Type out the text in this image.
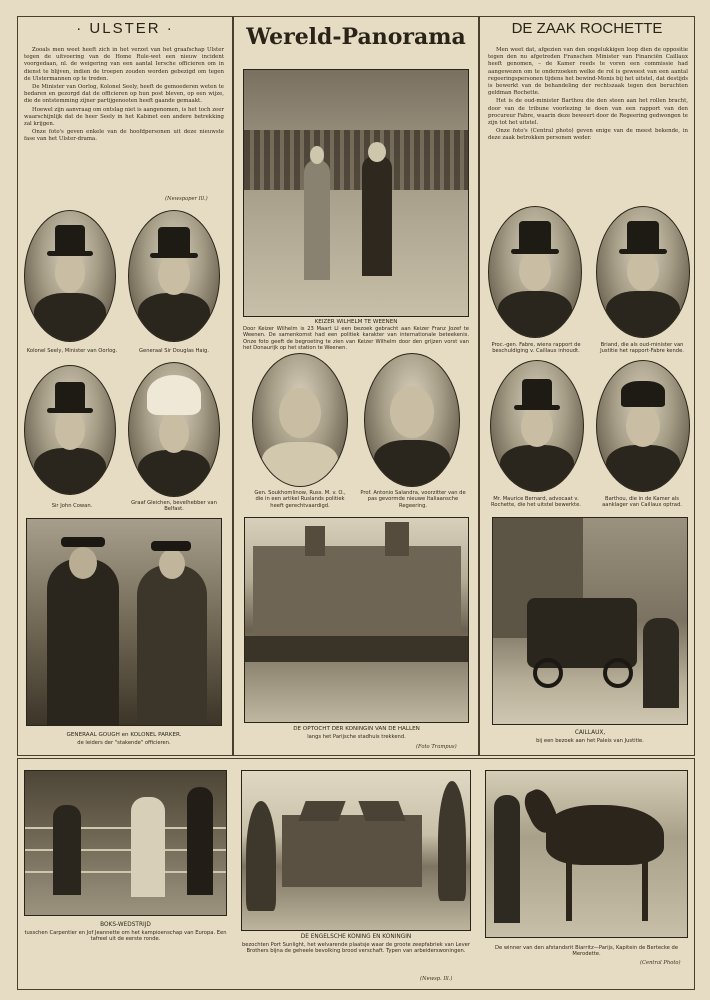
· ULSTER ·

Zooals men weet heeft zich in het verzet van het graafschap Ulster tegen de uitvoering van de Home Rule-wet een nieuw incident voorgedaan, nl. de weigering van een aantal Iersche officieren om in dienst te blijven, indien de troepen zouden worden gebezigd om tegen de Ulstermannen op te treden.

De Minister van Oorlog, Kolonel Seely, heeft de gemoederen weten te bedaren en gezorgd dat de officieren op hun post bleven, op een wijze, die de ontstemming zijner partijgenooten heeft gaande gemaakt.

Hoewel zijn aanvraag om ontslag niet is aangenomen, is het toch zeer waarschijnlijk dat de heer Seely in het Kabinet een andere betrekking zal krijgen.

Onze foto's geven enkele van de hoofdpersonen uit deze nieuwste fase van het Ulster-drama.

(Newspaper Ill.)
Kolonel Seely, Minister van Oorlog.	Generaal Sir Douglas Haig.
Sir John Cowan.	Graaf Gleichen, bevelhebber van Belfast.
GENERAAL GOUGH en KOLONEL PARKER.
de leiders der "stakende" officieren.
Wereld-Panorama
KEIZER WILHELM TE WEENEN
Door Keizer Wilhelm is 23 Maart LI een bezoek gebracht aan Keizer Franz Jozef te Weenen. De samenkomst had een politiek karakter van internationale beteekenis. Onze foto geeft de begroeting te zien van Keizer Wilhelm door den grijzen vorst van het Donaurijk op het station te Weenen.
Gen. Soukhomlinow, Russ. M. v. O., die in een artikel Ruslands politiek heeft gerechtvaardigd.
Prof. Antonio Salandra, voorzitter van de pas gevormde nieuwe Italiaansche Regeering.
DE OPTOCHT DER KONINGIN VAN DE HALLEN
langs het Parijsche stadhuis trekkend.
(Foto Trampus)
DE ZAAK ROCHETTE

Men weet dat, afgezien van den ongelukkigen loop dien de oppositie tegen den nu afgetreden Franschen Minister van Financiën Caillaux heeft genomen, – de Kamer reeds te voren een commissie had aangewezen om te onderzoeken welke de rol is geweest van een aantal regeeringspersonen tijdens het bewind-Monis bij het uitstel, dat destijds is bewerkt van de behandeling der rechtszaak tegen den beruchten geldman Rochette.

Het is de oud-minister Barthou die den steen aan het rollen bracht, door van de tribune voorlezing te doen van een rapport van den procureur Fabre, waarin deze beweert door de Regeering gedwongen te zijn tot het uitstel.

Onze foto's (Central photo) geven enige van de meest bekende, in deze zaak betrokken personen weder.

Proc.-gen. Fabre, wiens rapport de beschuldiging v. Caillaux inhoudt.
Briand, die als oud-minister van Justitie het rapport-Fabre kende.
Mr. Maurice Bernard, advocaat v. Rochette, die het uitstel bewerkte.
Barthou, die in de Kamer als aanklager van Caillaux optrad.
CAILLAUX,
bij een bezoek aan het Paleis van Justitie.
BOKS-WEDSTRIJD
tusschen Carpentier en Jof Jeannette om het kampioenschap van Europa. Een tafreel uit de eerste ronde.	DE ENGELSCHE KONING EN KONINGIN
bezochten Port Sunlight, het welvarende plaatsje waar de groote zeepfabriek van Lever Brothers bijna de geheele bevolking brood verschaft. Typen van arbeiderswoningen.
(Newsp. Ill.)
De winner van den afstandsrit Biarritz—Parijs, Kapitein de Bertecke de Merodette.
(Central Photo)
